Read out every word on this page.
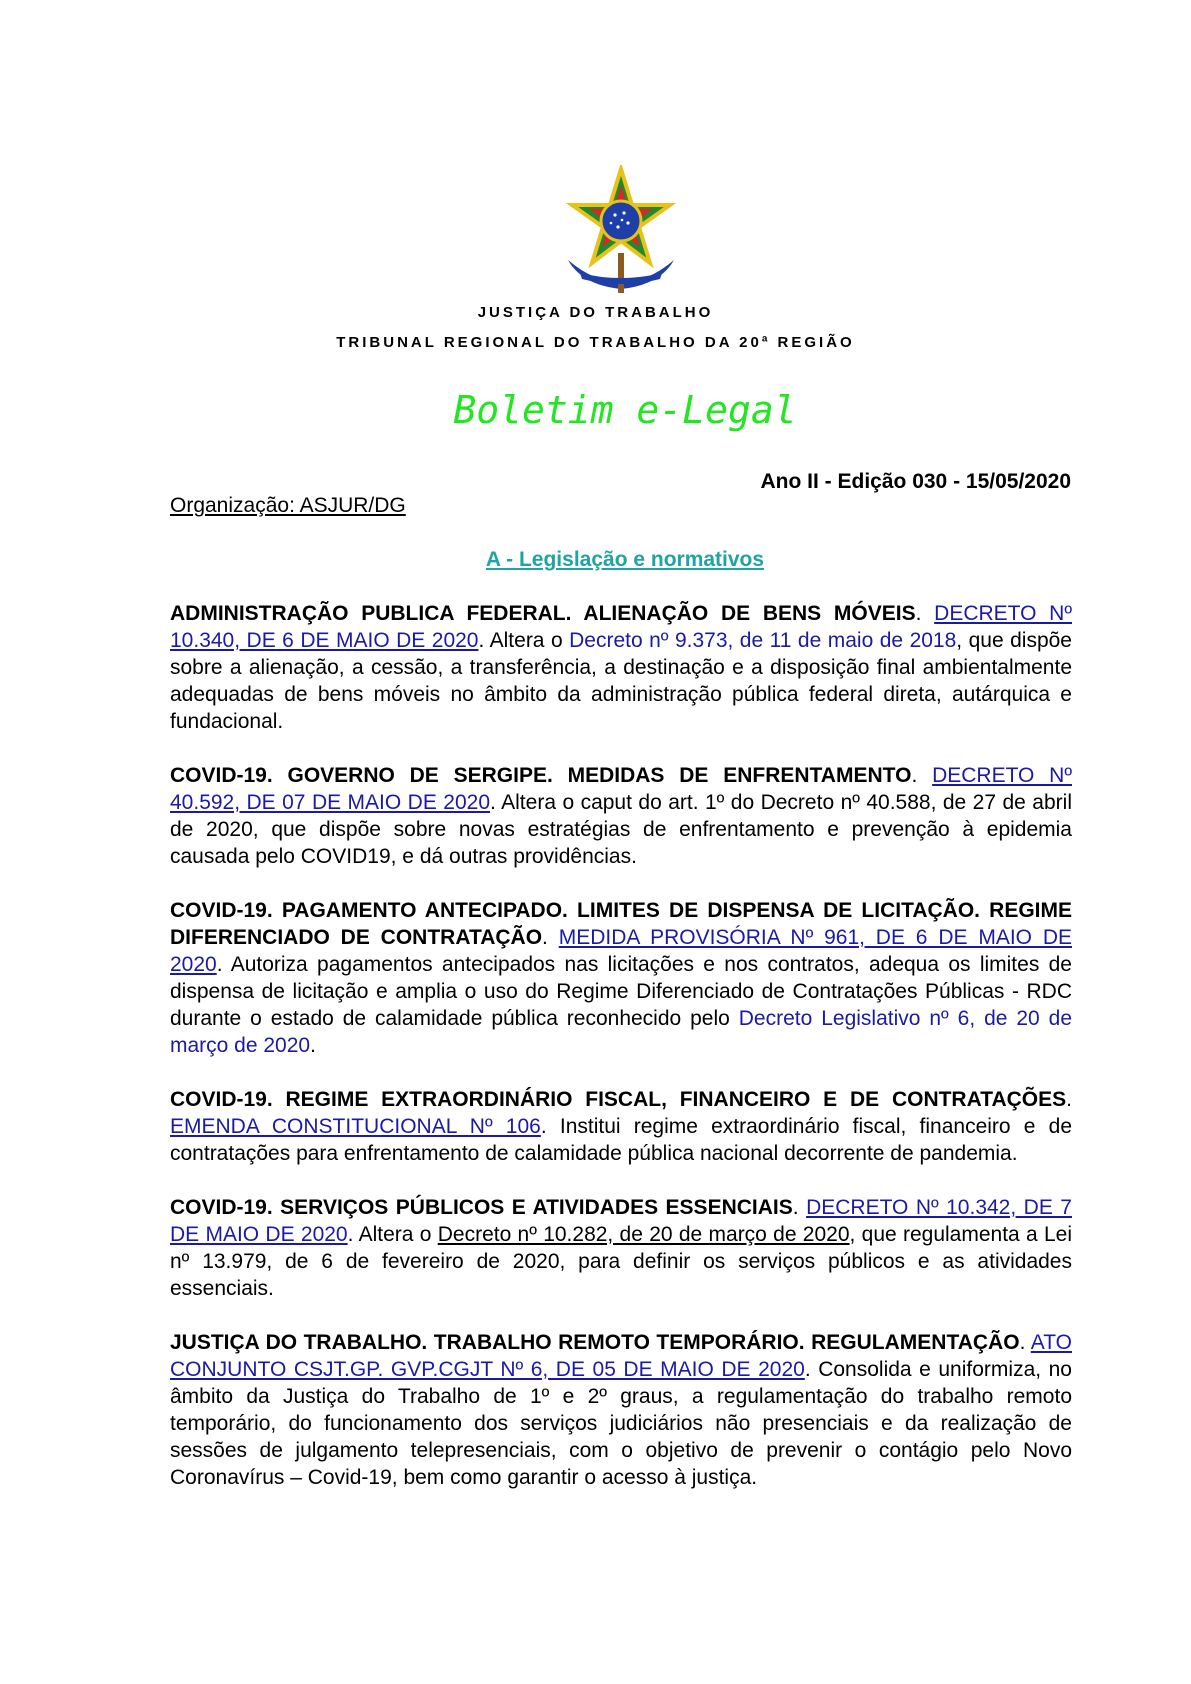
JUSTIÇA DO TRABALHO
TRIBUNAL REGIONAL DO TRABALHO DA 20ª REGIÃO
Boletim e-Legal
Ano II - Edição 030 - 15/05/2020
Organização: ASJUR/DG
A - Legislação e normativos

ADMINISTRAÇÃO PUBLICA FEDERAL. ALIENAÇÃO DE BENS MÓVEIS. DECRETO Nº 10.340, DE 6 DE MAIO DE 2020. Altera o Decreto nº 9.373, de 11 de maio de 2018, que dispõe sobre a alienação, a cessão, a transferência, a destinação e a disposição final ambientalmente adequadas de bens móveis no âmbito da administração pública federal direta, autárquica e fundacional.

COVID-19. GOVERNO DE SERGIPE. MEDIDAS DE ENFRENTAMENTO. DECRETO Nº 40.592, DE 07 DE MAIO DE 2020. Altera o caput do art. 1º do Decreto nº 40.588, de 27 de abril de 2020, que dispõe sobre novas estratégias de enfrentamento e prevenção à epidemia causada pelo COVID19, e dá outras providências.

COVID-19. PAGAMENTO ANTECIPADO. LIMITES DE DISPENSA DE LICITAÇÃO. REGIME DIFERENCIADO DE CONTRATAÇÃO. MEDIDA PROVISÓRIA Nº 961, DE 6 DE MAIO DE 2020. Autoriza pagamentos antecipados nas licitações e nos contratos, adequa os limites de dispensa de licitação e amplia o uso do Regime Diferenciado de Contratações Públicas - RDC durante o estado de calamidade pública reconhecido pelo Decreto Legislativo nº 6, de 20 de março de 2020.

COVID-19. REGIME EXTRAORDINÁRIO FISCAL, FINANCEIRO E DE CONTRATAÇÕES. EMENDA CONSTITUCIONAL Nº 106. Institui regime extraordinário fiscal, financeiro e de contratações para enfrentamento de calamidade pública nacional decorrente de pandemia.

COVID-19. SERVIÇOS PÚBLICOS E ATIVIDADES ESSENCIAIS. DECRETO Nº 10.342, DE 7 DE MAIO DE 2020. Altera o Decreto nº 10.282, de 20 de março de 2020, que regulamenta a Lei nº 13.979, de 6 de fevereiro de 2020, para definir os serviços públicos e as atividades essenciais.

JUSTIÇA DO TRABALHO. TRABALHO REMOTO TEMPORÁRIO. REGULAMENTAÇÃO. ATO CONJUNTO CSJT.GP. GVP.CGJT Nº 6, DE 05 DE MAIO DE 2020. Consolida e uniformiza, no âmbito da Justiça do Trabalho de 1º e 2º graus, a regulamentação do trabalho remoto temporário, do funcionamento dos serviços judiciários não presenciais e da realização de sessões de julgamento telepresenciais, com o objetivo de prevenir o contágio pelo Novo Coronavírus – Covid-19, bem como garantir o acesso à justiça.
